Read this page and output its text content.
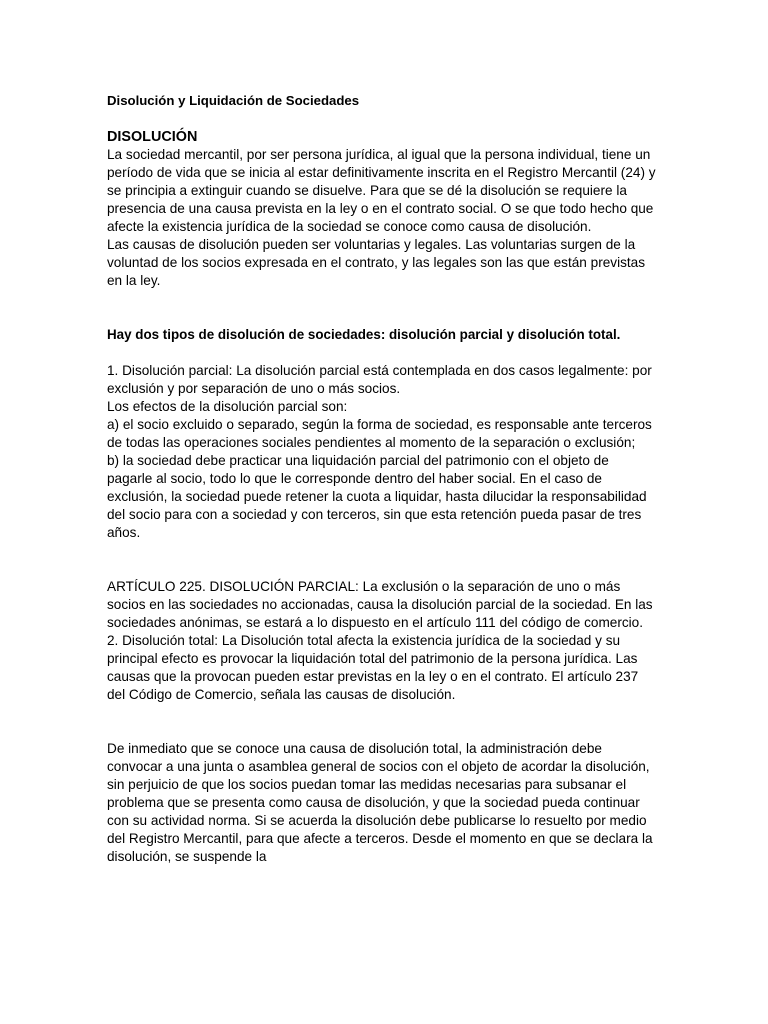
Disolución y Liquidación de Sociedades

DISOLUCIÓN

La sociedad mercantil, por ser persona jurídica, al igual que la persona individual, tiene un período de vida que se inicia al estar definitivamente inscrita en el Registro Mercantil (24) y se principia a extinguir cuando se disuelve. Para que se dé la disolución se requiere la presencia de una causa prevista en la ley o en el contrato social. O se que todo hecho que afecte la existencia jurídica de la sociedad se conoce como causa de disolución.

Las causas de disolución pueden ser voluntarias y legales. Las voluntarias surgen de la voluntad de los socios expresada en el contrato, y las legales son las que están previstas en la ley.

Hay dos tipos de disolución de sociedades: disolución parcial y disolución total.

1. Disolución parcial: La disolución parcial está contemplada en dos casos legalmente: por exclusión y por separación de uno o más socios.

Los efectos de la disolución parcial son:

a) el socio excluido o separado, según la forma de sociedad, es responsable ante terceros de todas las operaciones sociales pendientes al momento de la separación o exclusión;

b) la sociedad debe practicar una liquidación parcial del patrimonio con el objeto de pagarle al socio, todo lo que le corresponde dentro del haber social. En el caso de exclusión, la sociedad puede retener la cuota a liquidar, hasta dilucidar la responsabilidad del socio para con a sociedad y con terceros, sin que esta retención pueda pasar de tres años.

ARTÍCULO 225. DISOLUCIÓN PARCIAL: La exclusión o la separación de uno o más socios en las sociedades no accionadas, causa la disolución parcial de la sociedad. En las sociedades anónimas, se estará a lo dispuesto en el artículo 111 del código de comercio.

2. Disolución total: La Disolución total afecta la existencia jurídica de la sociedad y su principal efecto es provocar la liquidación total del patrimonio de la persona jurídica. Las causas que la provocan pueden estar previstas en la ley o en el contrato. El artículo 237 del Código de Comercio, señala las causas de disolución.

De inmediato que se conoce una causa de disolución total, la administración debe convocar a una junta o asamblea general de socios con el objeto de acordar la disolución, sin perjuicio de que los socios puedan tomar las medidas necesarias para subsanar el problema que se presenta como causa de disolución, y que la sociedad pueda continuar con su actividad norma. Si se acuerda la disolución debe publicarse lo resuelto por medio del Registro Mercantil, para que afecte a terceros. Desde el momento en que se declara la disolución, se suspende la
